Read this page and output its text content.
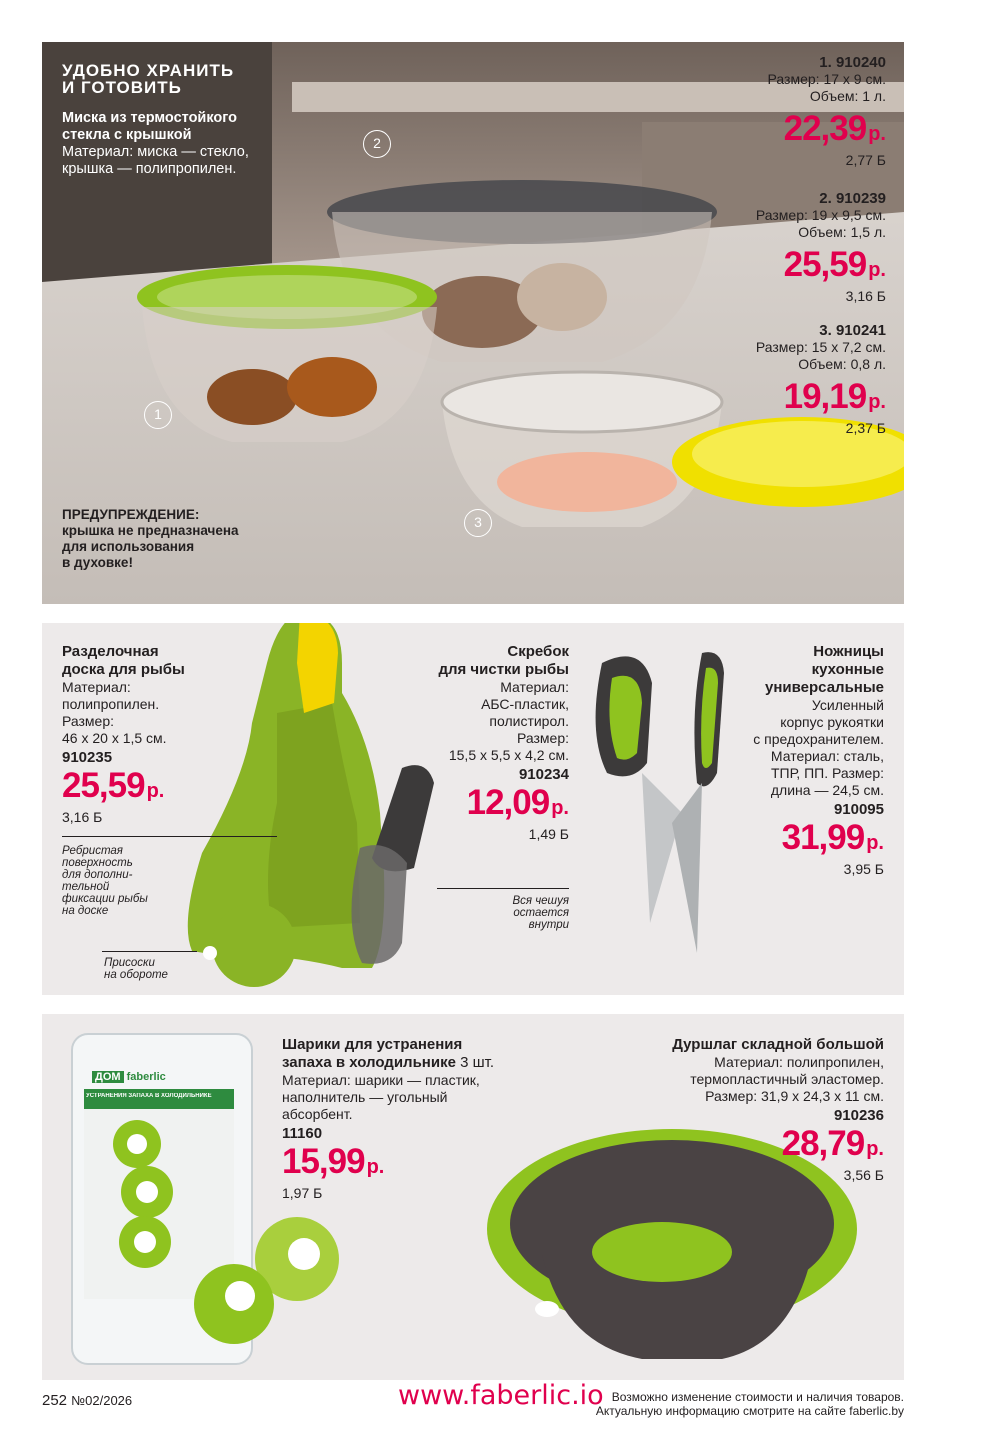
УДОБНО ХРАНИТЬ
И ГОТОВИТЬ
Миска из термостойкого
стекла с крышкой
Материал: миска — стекло,
крышка — полипропилен.
ПРЕДУПРЕЖДЕНИЕ:
крышка не предназначена
для использования
в духовке!
1
2
3
1. 910240
Размер: 17 х 9 см.
Объем: 1 л.
22,39 р.
2,77 Б
2. 910239
Размер: 19 х 9,5 см.
Объем: 1,5 л.
25,59 р.
3,16 Б
3. 910241
Размер: 15 х 7,2 см.
Объем: 0,8 л.
19,19 р.
2,37 Б
Разделочная
доска для рыбы
Материал:
полипропилен.
Размер:
46 х 20 х 1,5 см.
910235
25,59 р.
3,16 Б
Ребристая
поверхность
для дополни-
тельной
фиксации рыбы
на доске
Присоски
на обороте
Скребок
для чистки рыбы
Материал:
АБС-пластик,
полистирол.
Размер:
15,5 х 5,5 х 4,2 см.
910234
12,09 р.
1,49 Б
Вся чешуя
остается
внутри
Ножницы
кухонные
универсальные
Усиленный
корпус рукоятки
с предохранителем.
Материал: сталь,
ТПР, ПП. Размер:
длина — 24,5 см.
910095
31,99 р.
3,95 Б
ДОМ faberlic
УСТРАНЕНИЯ ЗАПАХА В ХОЛОДИЛЬНИКЕ
Шарики для устранения
запаха в холодильнике 3 шт.
Материал: шарики — пластик,
наполнитель — угольный
абсорбент.
11160
15,99 р.
1,97 Б
Дуршлаг складной большой
Материал: полипропилен,
термопластичный эластомер.
Размер: 31,9 х 24,3 х 11 см.
910236
28,79 р.
3,56 Б
252 №02/2026	www.faberlic.io Возможно изменение стоимости и наличия товаров.
Актуальную информацию смотрите на сайте faberlic.by
